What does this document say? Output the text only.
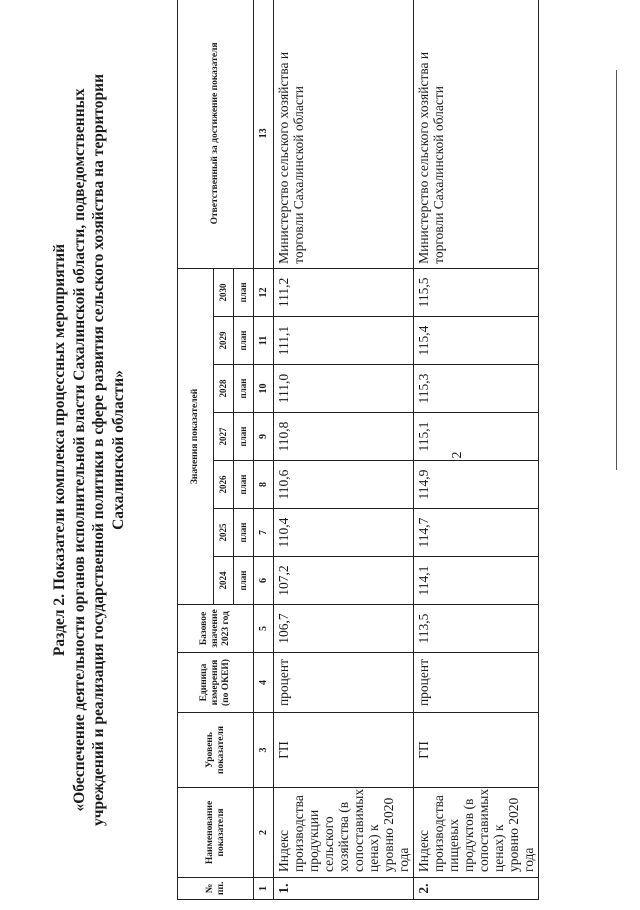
Раздел 2. Показатели комплекса процессных мероприятий «Обеспечение деятельности органов исполнительной власти Сахалинской области, подведомственных учреждений и реализация государственной политики в сфере развития сельского хозяйства на территории Сахалинской области»
№ пп.	Наименование показателя	Уровень показателя	Единица измерения (по ОКЕИ)	Базовое значение 2023 год	Значения показателей							Ответственный за достижение показателя
					2024	2025	2026	2027	2028	2029	2030	
					план	план	план	план	план	план	план	
1	2	3	4	5	6	7	8	9	10	11	12	13
1.	Индекс производства продукции сельского хозяйства (в сопоставимых ценах) к уровню 2020 года	ГП	процент	106,7	107,2	110,4	110,6	110,8	111,0	111,1	111,2	Министерство сельского хозяйства и торговли Сахалинской области
2.	Индекс производства пищевых продуктов (в сопоставимых ценах) к уровню 2020 года	ГП	процент	113,5	114,1	114,7	114,9	115,1	115,3	115,4	115,5	Министерство сельского хозяйства и торговли Сахалинской области
2
